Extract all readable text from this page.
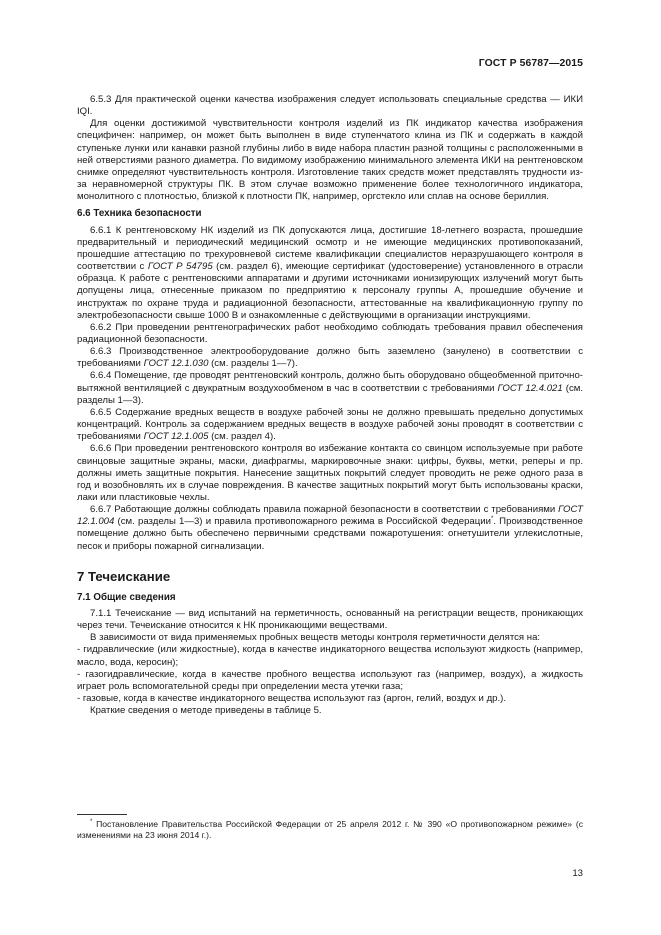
ГОСТ Р 56787—2015

6.5.3 Для практической оценки качества изображения следует использовать специальные средства — ИКИ IQI.

Для оценки достижимой чувствительности контроля изделий из ПК индикатор качества изображения специфичен: например, он может быть выполнен в виде ступенчатого клина из ПК и содержать в каждой ступеньке лунки или канавки разной глубины либо в виде набора пластин разной толщины с расположенными в ней отверстиями разного диаметра. По видимому изображению минимального элемента ИКИ на рентгеновском снимке определяют чувствительность контроля. Изготовление таких средств может представлять трудности из-за неравномерной структуры ПК. В этом случае возможно применение более технологичного индикатора, монолитного с плотностью, близкой к плотности ПК, например, оргстекло или сплав на основе бериллия.

6.6 Техника безопасности

6.6.1 К рентгеновскому НК изделий из ПК допускаются лица, достигшие 18-летнего возраста, прошедшие предварительный и периодический медицинский осмотр и не имеющие медицинских противопоказаний, прошедшие аттестацию по трехуровневой системе квалификации специалистов неразрушающего контроля в соответствии с ГОСТ Р 54795 (см. раздел 6), имеющие сертификат (удостоверение) установленного в отрасли образца. К работе с рентгеновскими аппаратами и другими источниками ионизирующих излучений могут быть допущены лица, отнесенные приказом по предприятию к персоналу группы А, прошедшие обучение и инструктаж по охране труда и радиационной безопасности, аттестованные на квалификационную группу по электробезопасности свыше 1000 В и ознакомленные с действующими в организации инструкциями.

6.6.2 При проведении рентгенографических работ необходимо соблюдать требования правил обеспечения радиационной безопасности.

6.6.3 Производственное электрооборудование должно быть заземлено (занулено) в соответствии с требованиями ГОСТ 12.1.030 (см. разделы 1—7).

6.6.4 Помещение, где проводят рентгеновский контроль, должно быть оборудовано общеобменной приточно-вытяжной вентиляцией с двукратным воздухообменом в час в соответствии с требованиями ГОСТ 12.4.021 (см. разделы 1—3).

6.6.5 Содержание вредных веществ в воздухе рабочей зоны не должно превышать предельно допустимых концентраций. Контроль за содержанием вредных веществ в воздухе рабочей зоны проводят в соответствии с требованиями ГОСТ 12.1.005 (см. раздел 4).

6.6.6 При проведении рентгеновского контроля во избежание контакта со свинцом используемые при работе свинцовые защитные экраны, маски, диафрагмы, маркировочные знаки: цифры, буквы, метки, реперы и пр. должны иметь защитные покрытия. Нанесение защитных покрытий следует проводить не реже одного раза в год и возобновлять их в случае повреждения. В качестве защитных покрытий могут быть использованы краски, лаки или пластиковые чехлы.

6.6.7 Работающие должны соблюдать правила пожарной безопасности в соответствии с требованиями ГОСТ 12.1.004 (см. разделы 1—3) и правила противопожарного режима в Российской Федерации*. Производственное помещение должно быть обеспечено первичными средствами пожаротушения: огнетушители углекислотные, песок и приборы пожарной сигнализации.

7 Течеискание

7.1 Общие сведения

7.1.1 Течеискание — вид испытаний на герметичность, основанный на регистрации веществ, проникающих через течи. Течеискание относится к НК проникающими веществами.

В зависимости от вида применяемых пробных веществ методы контроля герметичности делятся на:

- гидравлические (или жидкостные), когда в качестве индикаторного вещества используют жидкость (например, масло, вода, керосин);

- газогидравлические, когда в качестве пробного вещества используют газ (например, воздух), а жидкость играет роль вспомогательной среды при определении места утечки газа;

- газовые, когда в качестве индикаторного вещества используют газ (аргон, гелий, воздух и др.).

Краткие сведения о методе приведены в таблице 5.

* Постановление Правительства Российской Федерации от 25 апреля 2012 г. № 390 «О противопожарном режиме» (с изменениями на 23 июня 2014 г.).
13
